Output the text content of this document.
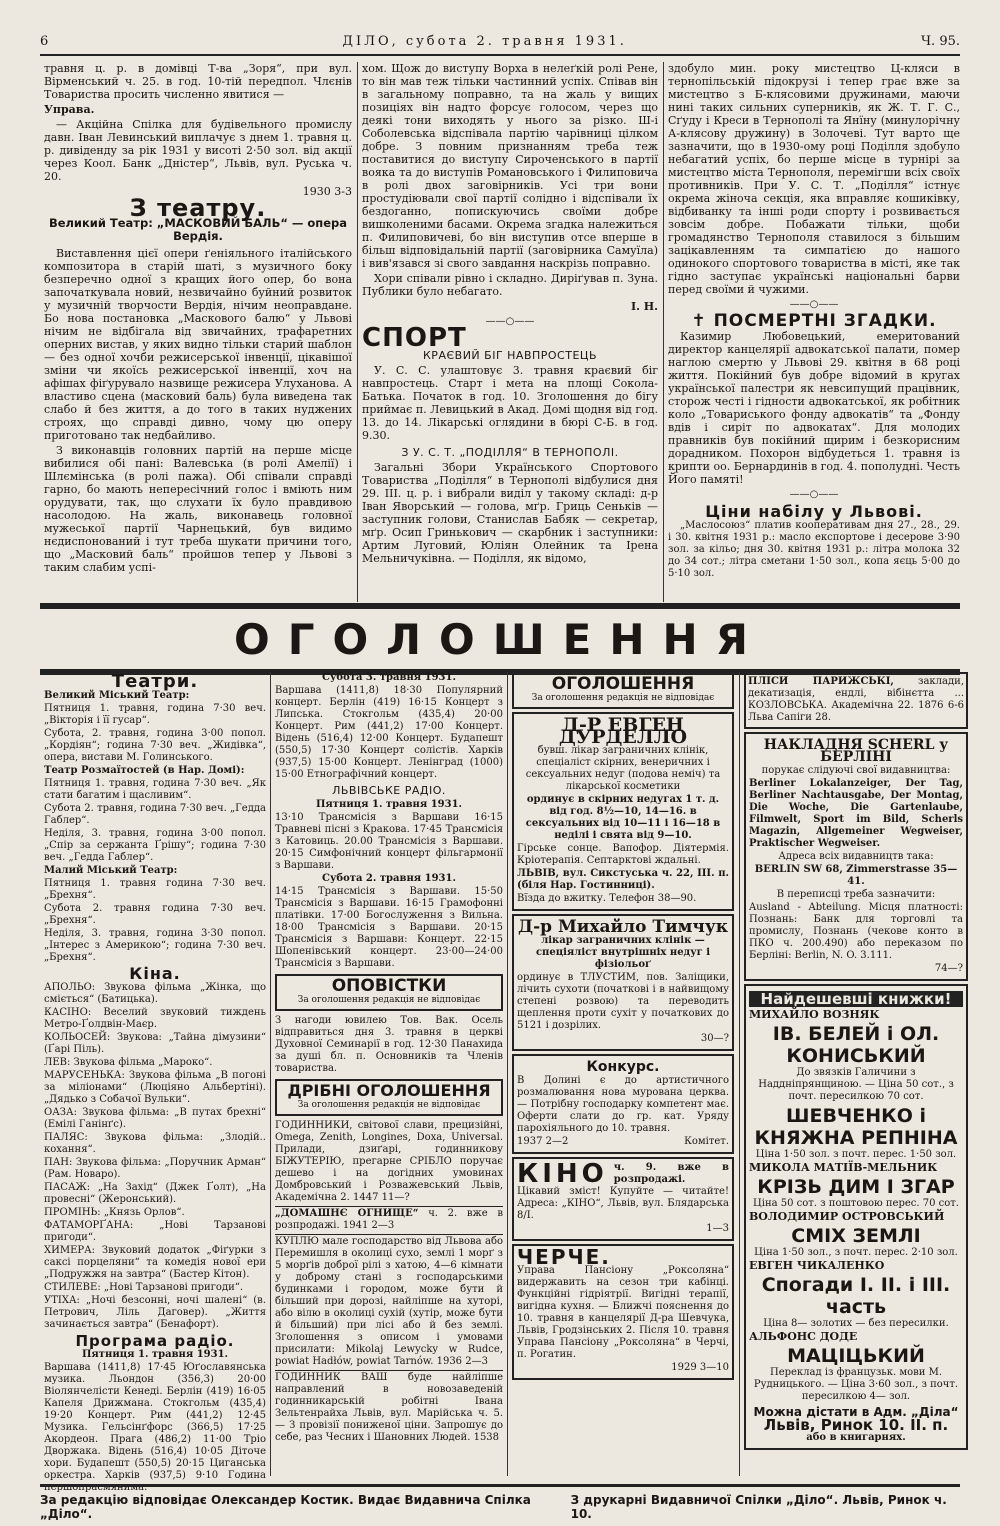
6	ДІЛО, субота 2. травня 1931.	Ч. 95.

травня ц. р. в домівці Т-ва „Зоря“, при вул. Вірменський ч. 25. в год. 10-тій передпол. Члєнів Товариства просить численно явитися —

Управа.

— Акційна Спілка для будівельного промислу давн. Іван Левинський виплачує з днем 1. травня ц. р. дивіденду за рік 1931 у висоті 2·50 зол. від акції через Коол. Банк „Дністер“, Львів, вул. Руська ч. 20.

1930 3-3

З театру.
Великий Театр: „МАСКОВИЙ БАЛЬ“ — опера Вердія.

Виставлення цієї опери ґеніяльного італійського композитора в старій шаті, з музичного боку безперечно одної з кращих його опер, бо вона започаткувала новий, незвичайно буйний розвиток у музичній творчости Вердія, нічим неоправдане. Бо нова постановка „Маскового балю“ у Львові нічим не відбігала від звичайних, трафаретних оперних вистав, у яких видно тільки старий шаблон — без одної хочби режисерської інвенції, цікавішої зміни чи якоїсь режисерської інвенції, хоч на афішах фіґурувало назвище режисера Улуханова. А властиво сцена (масковий баль) була виведена так слабо й без життя, а до того в таких нуджених строях, що справді дивно, чому цю оперу приготовано так недбайливо.

З виконавців головних партій на перше місце вибилися обі пані: Валевська (в ролі Амелії) і Шлємінська (в ролі пажа). Обі співали справді гарно, бо мають непересічний голос і вміють ним орудувати, так, що слухати їх було правдивою насолодою. На жаль, виконавець головної мужеської партії Чарнецький, був видимо нєдиспонований і тут треба шукати причини того, що „Масковий баль“ пройшов тепер у Львові з таким слабим успі-

хом. Щож до виступу Ворха в нелеґкій ролі Рене, то він мав теж тільки частинний успіх. Співав він в загальному поправно, та на жаль у вищих позиціях він надто форсує голосом, через що деякі тони виходять у нього за різко. Ш-і Соболевська відспівала партію чарівниці цілком добре. З повним признанням треба теж поставитися до виступу Сироченського в партії вояка та до виступів Романовського і Филиповича в ролі двох заговірників. Усі три вони простудіювали свої партії солідно і відспівали їх бездоганно, попискуючись своїми добре вишколеними басами. Окрема згадка належиться п. Филиповичеві, бо він виступив отсе вперше в більш відповідальній партії (заговірника Самуїла) і вив'язався зі свого завдання наскрізь поправно.

Хори співали рівно і складно. Диріґував п. Зуна. Публики було небагато.

І. Н.

——○——
СПОРТ
КРАЄВИЙ БІГ НАВПРОСТЕЦЬ

У. С. С. улаштовує 3. травня краєвий біг навпростець. Старт і мета на площі Сокола-Батька. Початок в год. 10. Зголошення до бігу приймає п. Левицький в Акад. Домі щодня від год. 13. до 14. Лікарські оглядини в бюрі С-Б. в год. 9.30.

З У. С. Т. „ПОДІЛЛЯ“ В ТЕРНОПОЛІ.

Загальні Збори Українського Спортового Товариства „Поділля“ в Тернополі відбулися дня 29. III. ц. р. і вибрали виділ у такому складі: д-р Іван Яворський — голова, мґр. Гриць Сеньків — заступник голови, Станислав Бабяк — секретар, мґр. Осип Гринькович — скарбник і заступники: Артим Луговий, Юліян Олейник та Ірена Мельничуківна. — Поділля, як відомо,

здобуло мин. року мистецтво Ц-кляси в тернопільській підокрузі і тепер грає вже за мистецтво з Б-клясовими дружинами, маючи нині таких сильних суперників, як Ж. Т. Г. С., Сґуду і Креси в Тернополі та Янїну (минулорічну А-клясову дружину) в Золочеві. Тут варто ще зазначити, що в 1930-ому році Поділля здобуло небагатий успіх, бо перше місце в турнірі за мистецтво міста Тернополя, перемігши всіх своїх противників. При У. С. Т. „Поділля“ істнує окрема жіноча секція, яка вправляє кошиківку, відбиванку та інші роди спорту і розвивається зовсім добре. Побажати тільки, щоби громадянство Тернополя ставилося з більшим зацікавленням та симпатією до нашого одинокого спортового товариства в місті, яке так гідно заступає українські національні барви перед своїми й чужими.

——○——
✝ ПОСМЕРТНІ ЗГАДКИ.

Казимир Любовецький, емеритований директор канцелярії адвокатської палати, помер наглою смертю у Львові 29. квітня в 68 році життя. Покійний був добре відомий в кругах української палестри як невсипущий працівник, сторож честі і гідности адвокатської, як робітник коло „Товариського фонду адвокатів“ та „Фонду вдів і сиріт по адвокатах“. Для молодих правників був покійний щирим і безкорисним дорадником. Похорон відбудеться 1. травня із крипти оо. Бернардинів в год. 4. пополудні. Честь Його памяті!

——○——
Ціни набілу у Львові.

„Маслосоюз“ платив кооперативам дня 27., 28., 29. і 30. квітня 1931 р.: масло експортове і десерове 3·90 зол. за кільо; дня 30. квітня 1931 р.: літра молока 32 до 34 сот.; літра сметани 1·50 зол., копа яєць 5·00 до 5·10 зол.

ОГОЛОШЕННЯ
Театри.

Великий Міський Театр:

Пятниця 1. травня, година 7·30 веч. „Вікторія і її гусар“.

Субота, 2. травня, година 3·00 попол. „Кордіян“; година 7·30 веч. „Жидівка“, опера, вистави М. Голинського.

Театр Розмаїтостей (в Нар. Домі):

Пятниця 1. травня, година 7·30 веч. „Як стати багатим і щасливим“.

Субота 2. травня, година 7·30 веч. „Гедда Габлер“.

Неділя, 3. травня, година 3·00 попол. „Спір за сержанта Ґрішу“; година 7·30 веч. „Гедда Габлер“.

Малий Міський Театр:

Пятниця 1. травня година 7·30 веч. „Брехня“.

Субота 2. травня година 7·30 веч. „Брехня“.

Неділя, 3. травня, година 3·30 попол. „Інтерес з Америкою“; година 7·30 веч. „Брехня“.

Кіна.

АПОЛЬО: Звукова фільма „Жінка, що сміється“ (Батицька).

КАСІНО: Веселий звуковий тиждень Метро-Ґолдвін-Маєр.

КОЛЬОСЕЙ: Звукова: „Тайна дімузини“ (Ґарі Піль).

ЛЕВ: Звукова фільма „Мароко“.

МАРУСЕНЬКА: Звукова фільма „В погоні за міліонами“ (Люціяно Альбертіні). „Дядько з Собачої Вульки“.

ОАЗА: Звукова фільма: „В путах брехні“ (Емілі Ганінґс).

ПАЛЯС: Звукова фільма: „Злодій.. кохання“.

ПАН: Звукова фільма: „Поручник Арман“ (Рам. Новаро).

ПАСАЖ: „На Захід“ (Джек Ґолт), „На провесні“ (Жеронський).

ПРОМІНЬ: „Князь Орлов“.

ФАТАМОРҐАНА: „Нові Тарзанові пригоди“.

ХИМЕРА: Звуковий додаток „Фіґурки з саксі порцеляни“ та комедія нової ери „Подружжя на завтра“ (Бастер Кітон).

СТИЛЕВЕ: „Нові Тарзанові пригоди“.

УТІХА: „Ночі безсонні, ночі шалені“ (в. Петрович, Ліль Даговер). „Життя зачинається завтра“ (Бенафорт).

Програма радіо.

Пятниця 1. травня 1931.

Варшава (1411,8) 17·45 Юґославянська музика. Льондон (356,3) 20·00 Віолянчелісти Кенеді. Берлін (419) 16·05 Капеля Дрижмана. Стокгольм (435,4) 19·20 Концерт. Рим (441,2) 12·45 Музика. Гельсінґфорс (366,5) 17·25 Акордеон. Прага (486,2) 11·00 Тріо Дворжака. Відень (516,4) 10·05 Діточе хори. Будапешт (550,5) 20·15 Циганська оркестра. Харків (937,5) 9·10 Година першопрасмянима.

Субота 3. травня 1931.

Варшава (1411,8) 18·30 Популярний концерт. Берлін (419) 16·15 Концерт з Липська. Стокгольм (435,4) 20·00 Концерт. Рим (441,2) 17·00 Концерт. Відень (516,4) 12·00 Концерт. Будапешт (550,5) 17·30 Концерт солістів. Харків (937,5) 15·00 Концерт. Ленінград (1000) 15·00 Етнографічний концерт.

ЛЬВІВСЬКЕ РАДІО.

Пятниця 1. травня 1931.

13·10 Трансмісія з Варшави 16·15 Травневі пісні з Кракова. 17·45 Трансмісія з Катовиць. 20.00 Трансмісія з Варшави. 20·15 Симфонічний концерт фільгармонії з Варшави.

Субота 2. травня 1931.

14·15 Трансмісія з Варшави. 15·50 Трансмісія з Варшави. 16·15 Грамофонні платівки. 17·00 Богослуження з Вильна. 18·00 Трансмісія з Варшави. 20·15 Трансмісія з Варшави: Концерт. 22·15 Шопенівський концерт. 23·00—24·00 Трансмісія з Варшави.

ОПОВІСТКИ

За оголошення редакція не відповідає

З нагоди ювилею Тов. Вак. Осель відправиться дня 3. травня в церкві Духовної Семинарії в год. 12·30 Панахида за душі бл. п. Основників та Членів товариства.

ДРІБНІ ОГОЛОШЕННЯ

За оголошення редакція не відповідає

ГОДИННИКИ, світової слави, прецизійні, Omega, Zenith, Longines, Doxa, Universal. Прилади, дзиґарі, годинникову БІЖУТЕРІЮ, прегарне СРІБЛО поручає дешево і на догідних умовинах Домбровський і Розважевський Львів, Академічна 2. 1447 11—?

„ДОМАШНЄ ОГНИЩЕ“ ч. 2. вже в розпродажі. 1941 2—3

КУПЛЮ мале господарство від Львова або Перемишля в околиці сухо, землі 1 морґ з 5 морґів доброї рілі з хатою, 4—6 кімнати у доброму стані з господарськими будинками і городом, може бути й більший при дорозі, найліпше на хуторі, або вілю в околиці сухій (хутір, може бути й більший) при лісі або й без землі. Зголошення з описом і умовами присилати: Mikolaj Lewycky w Rudce, powiat Hadłów, powiat Tarnów. 1936 2—3

ГОДИННИК ВАШ буде найліпше направлений в новозаведеній годинникарській робітні Івана Зельтенрайха Львів, вул. Марійська ч. 5. — З провізії пониженої ціни. Запрошує до себе, раз Чесних і Шановних Людей. 1538

ОГОЛОШЕННЯ

За оголошення редакція не відповідає

Д-Р ЕВГЕН ДУРДЕЛЛО

бувш. лікар заграничних клінік, спеціаліст скірних, венеричних і сексуальних недуг (подова неміч) та лікарської косметики

ординує в скірних недугах 1 т. д. від год. 8½—10, 14—16. в сексуальних від 10—11 і 16—18 в неділі і свята від 9—10.

Гірське сонце. Вапофор. Діятермія. Кріотерапія. Септарктові ждальні.

ЛЬВІВ, вул. Сикстуська ч. 22, III. п. (біля Нар. Гостинниці).

Вїзда до вжитку. Телефон 38—90.

Д-р Михайло Тимчук

лікар заграничних клінік — спеціяліст внутрішніх недуг і фізіольоґ

ординує в ТЛУСТИМ, пов. Заліщики, лічить сухоти (початкові і в найвищому степені розвою) та переводить щеплення проти сухіт у початкових до 5121 і дозрілих.

30—?

Конкурс.

В Долині є до артистичного розмалювання нова мурована церква. — Потрібну господарку компетент має. Оферти слати до гр. кат. Уряду парохіяльного до 10. травня.

1937 2—2	Комітет.

КІНО ч. 9. вже в розпродажі.

Цікавий зміст! Купуйте — читайте! Адреса: „КІНО“, Львів, вул. Блядарська 8/I.

1—3

ЧЕРЧЕ.

Управа Пансіону „Роксоляна“ видержавить на сезон три кабінці. Функційні гідріятрії. Вигідні терапії, вигідна кухня. — Ближчі пояснення до 10. травня в канцелярії Д-ра Шевчука, Львів, Гродзінських 2. Після 10. травня Управа Пансіону „Роксоляна“ в Черчі, п. Рогатин.

1929 3—10

ПЛІСИ ПАРИЖСЬКІ, заклади, декатизація, ендлі, вібінєтта ... КОЗЛОВСЬКА. Академічна 22. 1876 6-6 Льва Сапіги 28.

НАКЛАДНЯ SCHERL у БЕРЛІНІ

порукає слідуючі свої видавництва:

Berliner Lokalanzeiger, Der Tag, Berliner Nachtausgabe, Der Montag, Die Woche, Die Gartenlaube, Filmwelt, Sport im Bild, Scherls Magazin, Allgemeiner Wegweiser, Praktischer Wegweiser.

Адреса всіх видавництв така:

BERLIN SW 68, Zimmerstrasse 35—41.

В переписці треба зазначити:

Ausland - Abteilung. Місця платності: Познань: Банк для торговлі та промислу, Познань (чекове конто в ПКО ч. 200.490) або переказом по Берліні: Berlin, N. O. 3.111.

74—?

Найдешевші книжки!

МИХАЙЛО ВОЗНЯК

ІВ. БЕЛЕЙ і ОЛ. КОНИСЬКИЙ

До звязків Галичини з Наддніпрянщиною. — Ціна 50 сот., з почт. пересилкою 70 сот.

ШЕВЧЕНКО і КНЯЖНА РЕПНІНА

Ціна 1·50 зол. з почт. перес. 1·50 зол.

МИКОЛА МАТІЇВ-МЕЛЬНИК

КРІЗЬ ДИМ І ЗГАР

Ціна 50 сот. з поштовою перес. 70 сот.

ВОЛОДИМИР ОСТРОВСЬКИЙ

СМІХ ЗЕМЛІ

Ціна 1·50 зол., з почт. перес. 2·10 зол.

ЕВГЕН ЧИКАЛЕНКО

Спогади І. ІІ. і ІІІ. часть

Ціна 8— золотих — без пересилки.

АЛЬФОНС ДОДЕ

МАЦІЦЬКИЙ

Переклад із французьк. мови М. Рудницького. — Ціна 3·60 зол., з почт. пересилкою 4— зол.

Можна дістати в Адм. „Діла“

Львів, Ринок 10. II. п.

або в книгарнях.

За редакцію відповідає Олександер Костик. Видає Видавнича Спілка „Діло“.
З друкарні Видавничої Спілки „Діло“. Львів, Ринок ч. 10.
